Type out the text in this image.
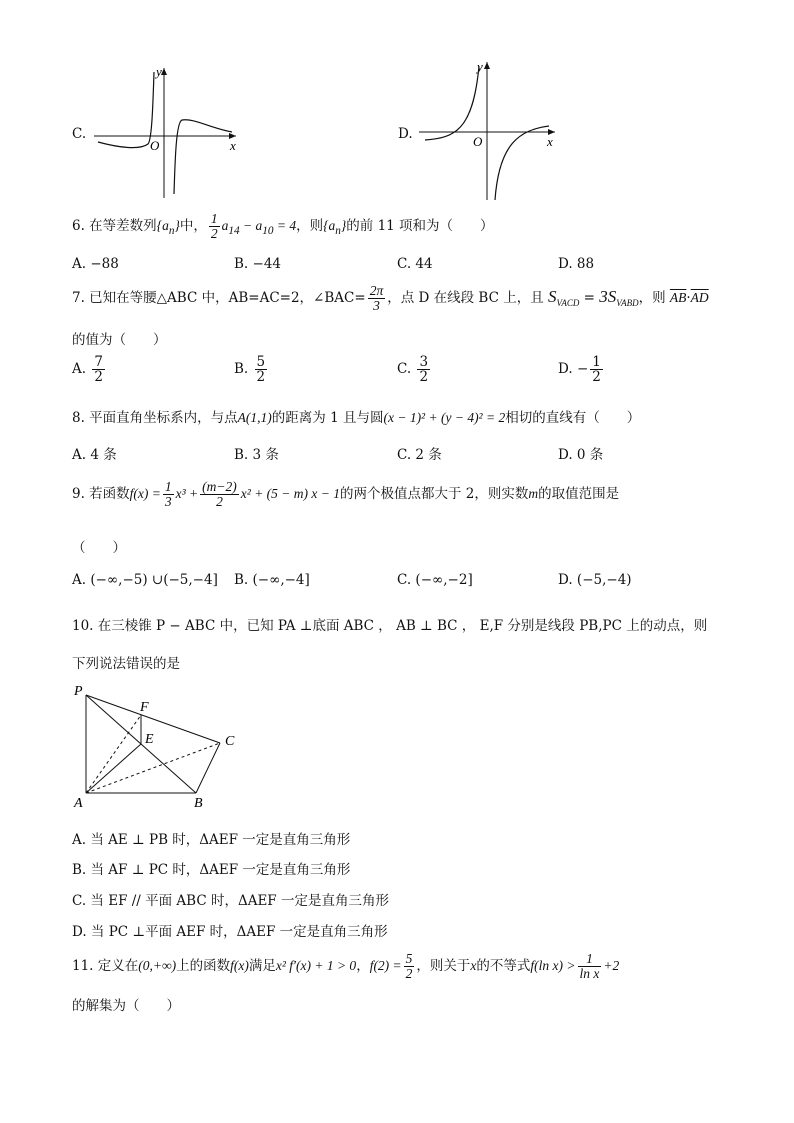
C.
y
x
O
D.
y
x
O
6. 在等差数列$\{a_n\}$中， $\frac{1}{2} a_{14} - a_{10} = 4$，则$\{a_n\}$的前 11 项和为（　　）
A. −88	B. −44	C. 44	D. 88
7. 已知在等腰△ABC 中，AB=AC=2，∠BAC= $\frac{2\pi}{3}$ ，点 D 在线段 BC 上，且 $S_{VACD} = 3S_{VABD}$，则 $\overline{AB}\cdot\overline{AD}$
的值为（　　）
A. $\frac{7}{2}$	B. $\frac{5}{2}$	C. $\frac{3}{2}$	D. − $\frac{1}{2}$
8. 平面直角坐标系内，与点A(1,1)的距离为 1 且与圆(x − 1)² + (y − 4)² = 2相切的直线有（　　）
A. 4 条	B. 3 条	C. 2 条	D. 0 条
9. 若函数$f(x) = \frac{1}{3} x^3 + \frac{(m-2)}{2} x^2 + (5 - m) x - 1$的两个极值点都大于 2，则实数m的取值范围是
（　　）
A. (−∞,−5) ∪(−5,−4] B. (−∞,−4]	C. (−∞,−2]	D. (−5,−4)
10. 在三棱锥 P − ABC 中，已知 PA ⊥底面 ABC ， AB ⊥ BC ， E,F 分别是线段 PB,PC 上的动点，则
下列说法错误的是
P
F
E	C
A	B
A. 当 AE ⊥ PB 时，ΔAEF 一定是直角三角形
B. 当 AF ⊥ PC 时，ΔAEF 一定是直角三角形
C. 当 EF // 平面 ABC 时，ΔAEF 一定是直角三角形
D. 当 PC ⊥平面 AEF 时，ΔAEF 一定是直角三角形
11. 定义在(0,+∞)上的函数f(x)满足x² f′(x) + 1 > 0，$f(2) = \frac{5}{2}$ ，则关于x的不等式f(ln $x) > \frac{1}{\text{ln x}} +2$
的解集为（　　）
